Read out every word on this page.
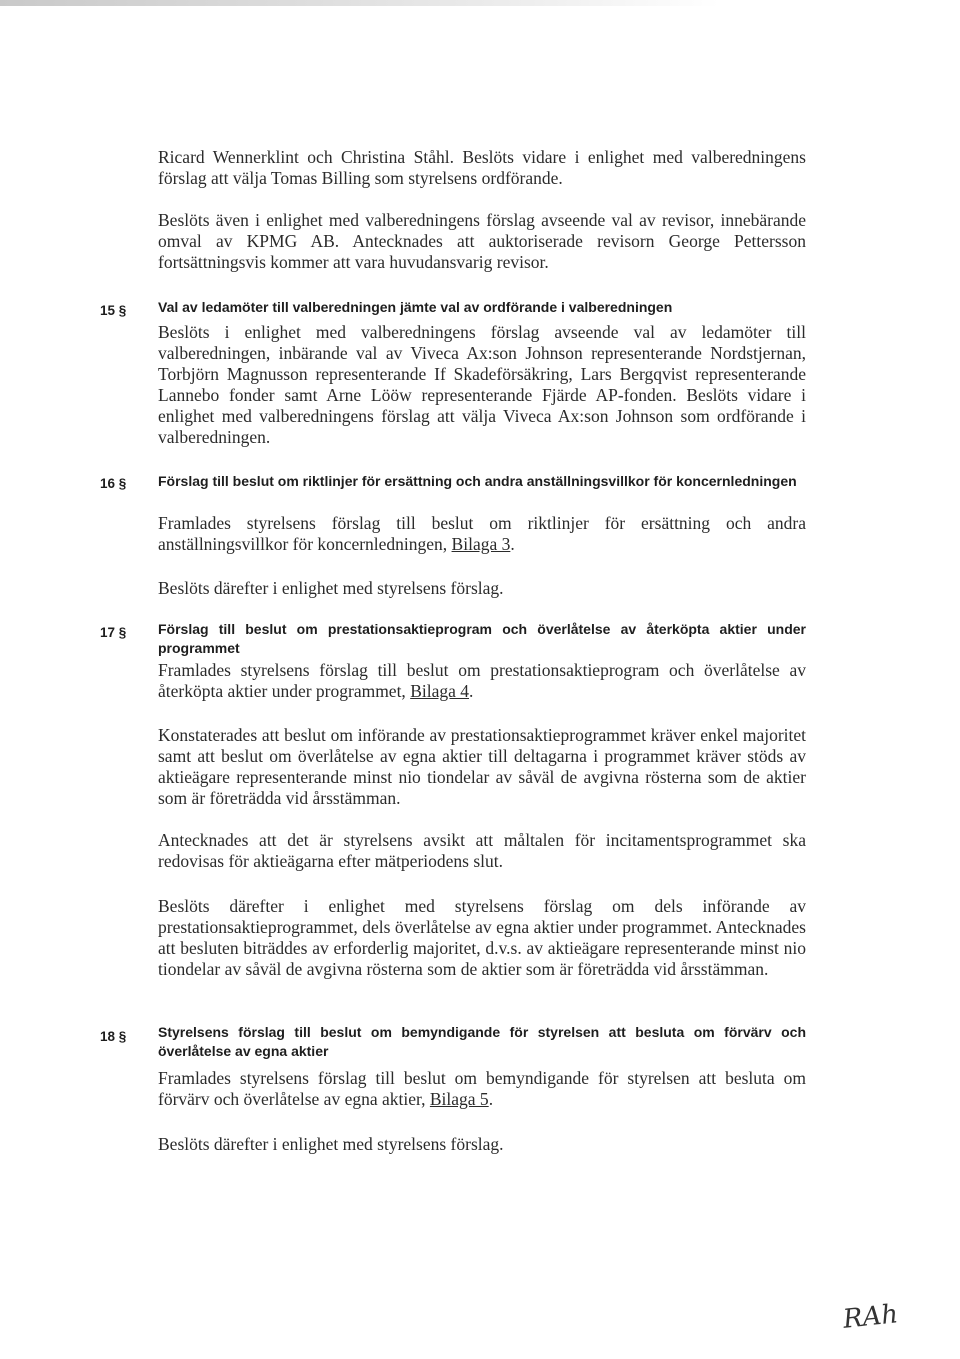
Ricard Wennerklint och Christina Ståhl. Beslöts vidare i enlighet med valberedningens förslag att välja Tomas Billing som styrelsens ordförande.

Beslöts även i enlighet med valberedningens förslag avseende val av revisor, innebärande omval av KPMG AB. Antecknades att auktoriserade revisorn George Pettersson fortsättningsvis kommer att vara huvudansvarig revisor.

15 §	Val av ledamöter till valberedningen jämte val av ordförande i valberedningen

Beslöts i enlighet med valberedningens förslag avseende val av ledamöter till valberedningen, inbärande val av Viveca Ax:son Johnson representerande Nordstjernan, Torbjörn Magnusson representerande If Skadeförsäkring, Lars Bergqvist representerande Lannebo fonder samt Arne Lööw representerande Fjärde AP-fonden. Beslöts vidare i enlighet med valberedningens förslag att välja Viveca Ax:son Johnson som ordförande i valberedningen.

16 §	Förslag till beslut om riktlinjer för ersättning och andra anställningsvillkor för koncernledningen

Framlades styrelsens förslag till beslut om riktlinjer för ersättning och andra anställningsvillkor för koncernledningen, Bilaga 3.

Beslöts därefter i enlighet med styrelsens förslag.

17 §	Förslag till beslut om prestationsaktieprogram och överlåtelse av återköpta aktier under programmet

Framlades styrelsens förslag till beslut om prestationsaktieprogram och överlåtelse av återköpta aktier under programmet, Bilaga 4.

Konstaterades att beslut om införande av prestationsaktieprogrammet kräver enkel majoritet samt att beslut om överlåtelse av egna aktier till deltagarna i programmet kräver stöds av aktieägare representerande minst nio tiondelar av såväl de avgivna rösterna som de aktier som är företrädda vid årsstämman.

Antecknades att det är styrelsens avsikt att måltalen för incitamentsprogrammet ska redovisas för aktieägarna efter mätperiodens slut.

Beslöts därefter i enlighet med styrelsens förslag om dels införande av prestationsaktieprogrammet, dels överlåtelse av egna aktier under programmet. Antecknades att besluten biträddes av erforderlig majoritet, d.v.s. av aktieägare representerande minst nio tiondelar av såväl de avgivna rösterna som de aktier som är företrädda vid årsstämman.

18 §	Styrelsens förslag till beslut om bemyndigande för styrelsen att besluta om förvärv och överlåtelse av egna aktier

Framlades styrelsens förslag till beslut om bemyndigande för styrelsen att besluta om förvärv och överlåtelse av egna aktier, Bilaga 5.

Beslöts därefter i enlighet med styrelsens förslag.

RAh
